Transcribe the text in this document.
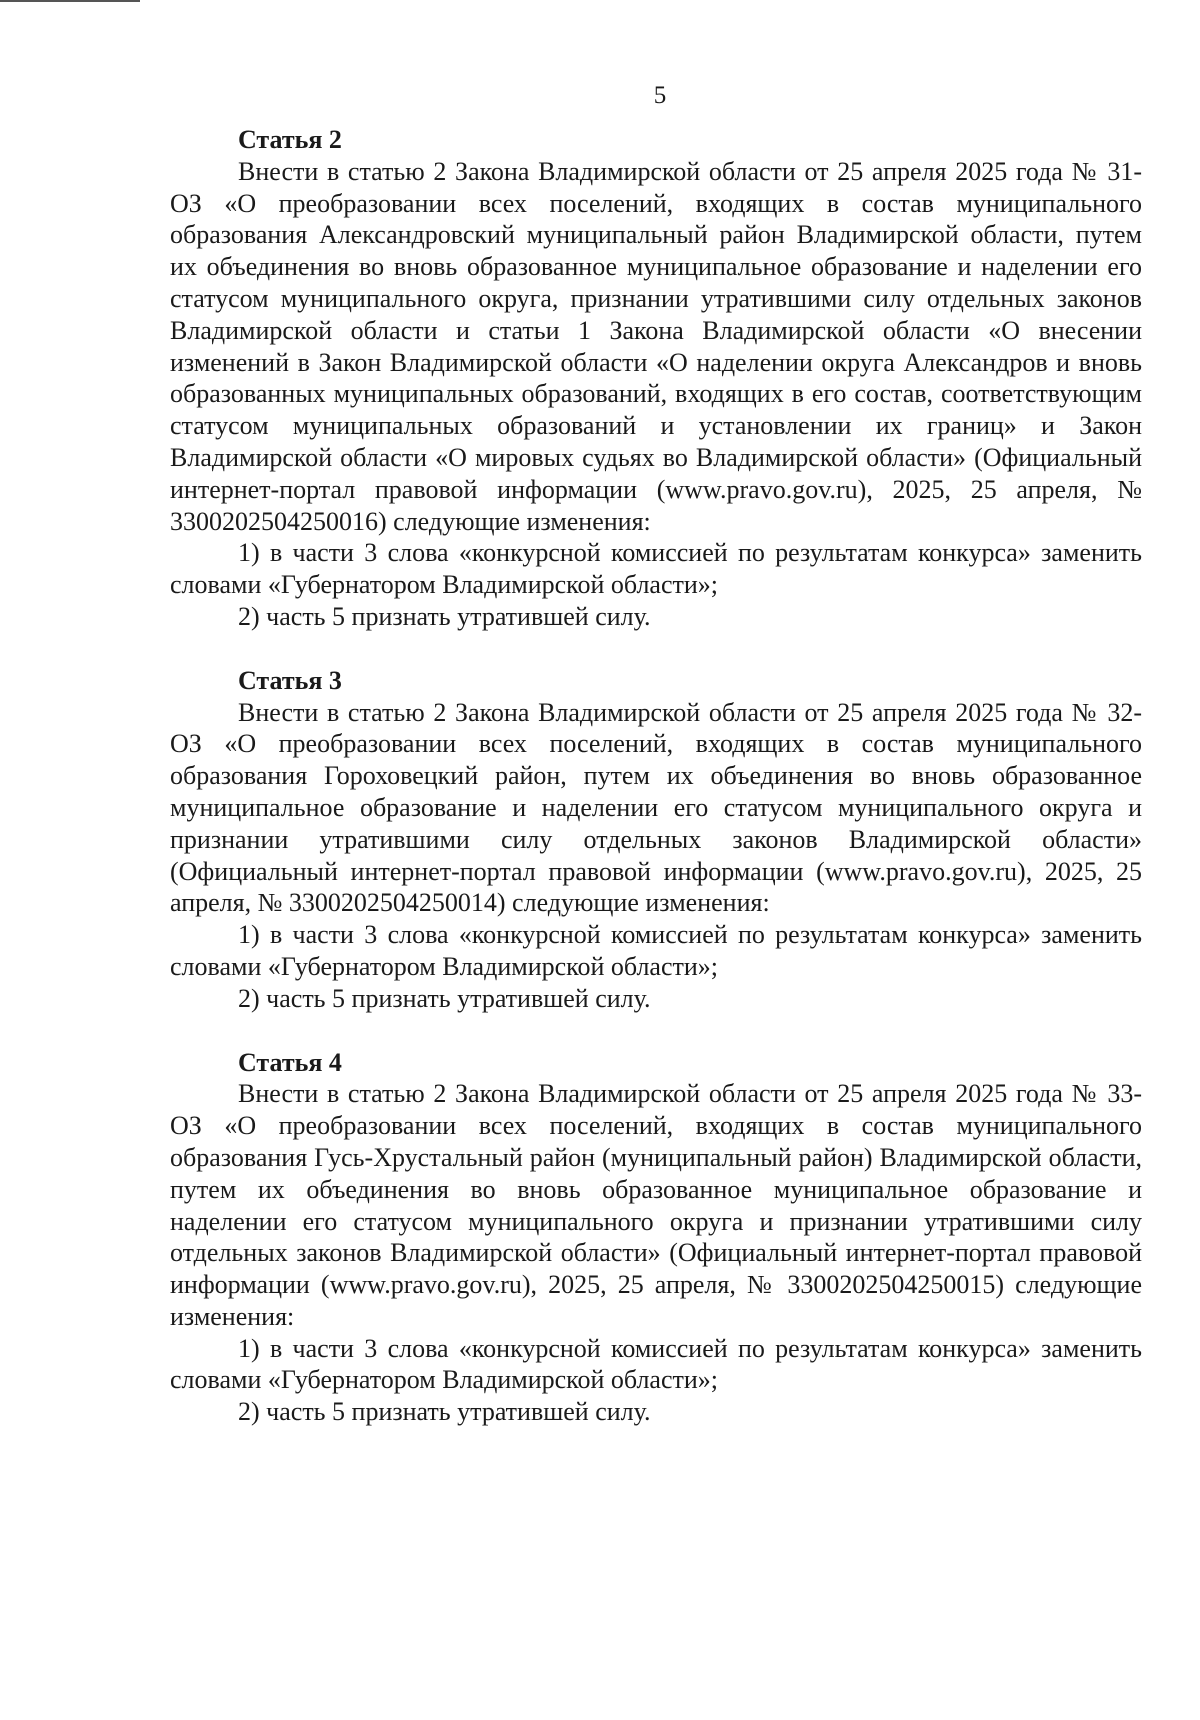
5

Статья 2

Внести в статью 2 Закона Владимирской области от 25 апреля 2025 года № 31-ОЗ «О преобразовании всех поселений, входящих в состав муниципального образования Александровский муниципальный район Владимирской области, путем их объединения во вновь образованное муниципальное образование и наделении его статусом муниципального округа, признании утратившими силу отдельных законов Владимирской области и статьи 1 Закона Владимирской области «О внесении изменений в Закон Владимирской области «О наделении округа Александров и вновь образованных муниципальных образований, входящих в его состав, соответствующим статусом муниципальных образований и установлении их границ» и Закон Владимирской области «О мировых судьях во Владимирской области» (Официальный интернет-портал правовой информации (www.pravo.gov.ru), 2025, 25 апреля, № 3300202504250016) следующие изменения:

1) в части 3 слова «конкурсной комиссией по результатам конкурса» заменить словами «Губернатором Владимирской области»;

2) часть 5 признать утратившей силу.

Статья 3

Внести в статью 2 Закона Владимирской области от 25 апреля 2025 года № 32-ОЗ «О преобразовании всех поселений, входящих в состав муниципального образования Гороховецкий район, путем их объединения во вновь образованное муниципальное образование и наделении его статусом муниципального округа и признании утратившими силу отдельных законов Владимирской области» (Официальный интернет-портал правовой информации (www.pravo.gov.ru), 2025, 25 апреля, № 3300202504250014) следующие изменения:

1) в части 3 слова «конкурсной комиссией по результатам конкурса» заменить словами «Губернатором Владимирской области»;

2) часть 5 признать утратившей силу.

Статья 4

Внести в статью 2 Закона Владимирской области от 25 апреля 2025 года № 33-ОЗ «О преобразовании всех поселений, входящих в состав муниципального образования Гусь-Хрустальный район (муниципальный район) Владимирской области, путем их объединения во вновь образованное муниципальное образование и наделении его статусом муниципального округа и признании утратившими силу отдельных законов Владимирской области» (Официальный интернет-портал правовой информации (www.pravo.gov.ru), 2025, 25 апреля, № 3300202504250015) следующие изменения:

1) в части 3 слова «конкурсной комиссией по результатам конкурса» заменить словами «Губернатором Владимирской области»;

2) часть 5 признать утратившей силу.
